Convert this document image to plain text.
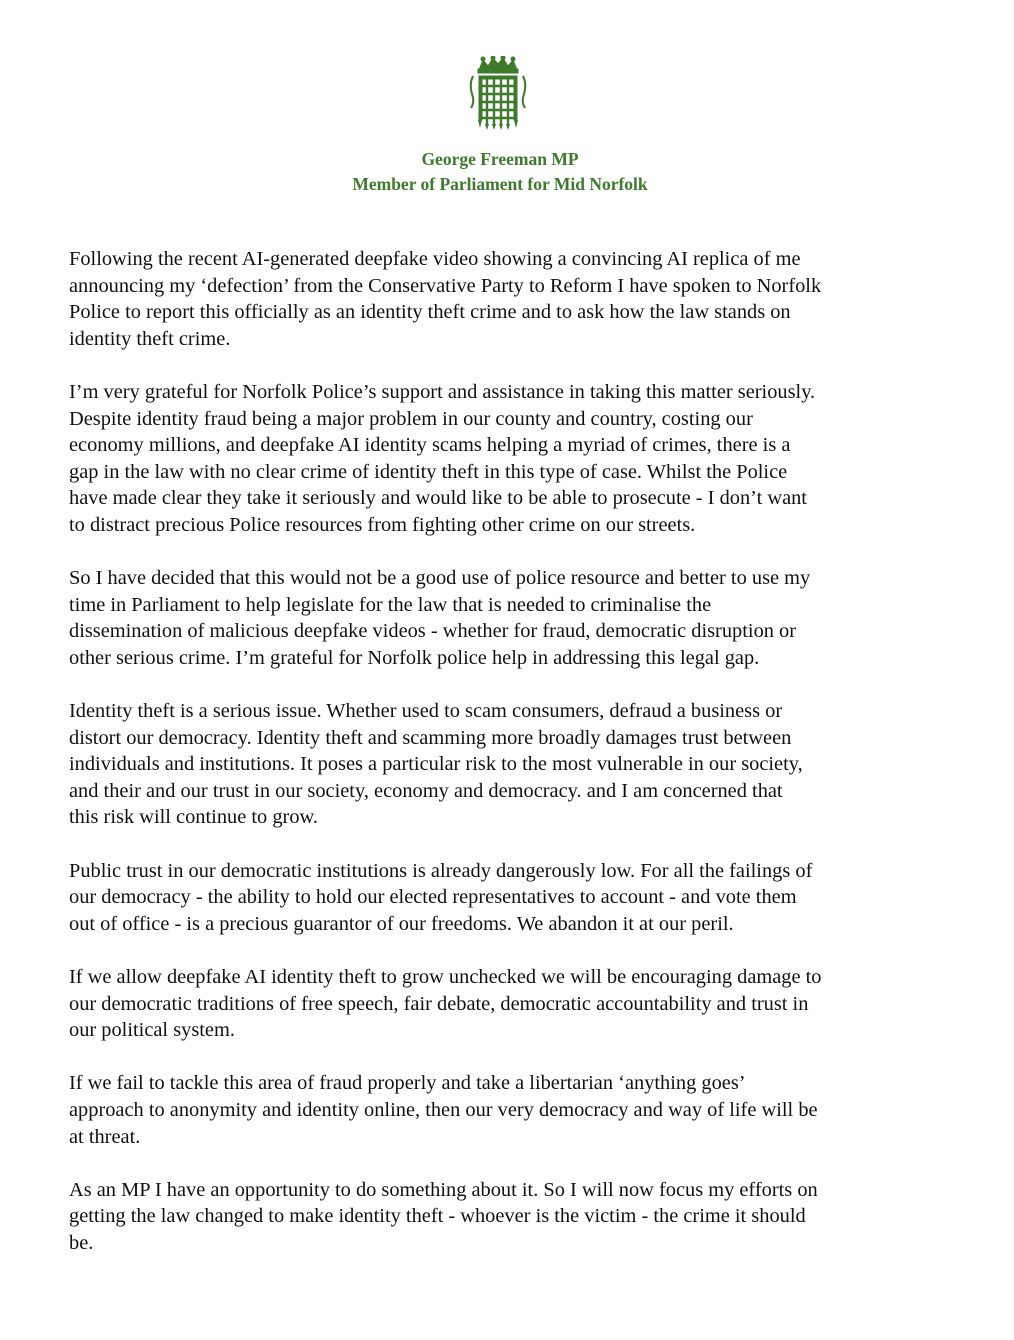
George Freeman MP
Member of Parliament for Mid Norfolk

Following the recent AI-generated deepfake video showing a convincing AI replica of me
announcing my ‘defection’ from the Conservative Party to Reform I have spoken to Norfolk
Police to report this officially as an identity theft crime and to ask how the law stands on
identity theft crime.

I’m very grateful for Norfolk Police’s support and assistance in taking this matter seriously.
Despite identity fraud being a major problem in our county and country, costing our
economy millions, and deepfake AI identity scams helping a myriad of crimes, there is a
gap in the law with no clear crime of identity theft in this type of case. Whilst the Police
have made clear they take it seriously and would like to be able to prosecute - I don’t want
to distract precious Police resources from fighting other crime on our streets.

So I have decided that this would not be a good use of police resource and better to use my
time in Parliament to help legislate for the law that is needed to criminalise the
dissemination of malicious deepfake videos - whether for fraud, democratic disruption or
other serious crime. I’m grateful for Norfolk police help in addressing this legal gap.

Identity theft is a serious issue. Whether used to scam consumers, defraud a business or
distort our democracy. Identity theft and scamming more broadly damages trust between
individuals and institutions. It poses a particular risk to the most vulnerable in our society,
and their and our trust in our society, economy and democracy. and I am concerned that
this risk will continue to grow.

Public trust in our democratic institutions is already dangerously low. For all the failings of
our democracy - the ability to hold our elected representatives to account - and vote them
out of office - is a precious guarantor of our freedoms. We abandon it at our peril.

If we allow deepfake AI identity theft to grow unchecked we will be encouraging damage to
our democratic traditions of free speech, fair debate, democratic accountability and trust in
our political system.

If we fail to tackle this area of fraud properly and take a libertarian ‘anything goes’
approach to anonymity and identity online, then our very democracy and way of life will be
at threat.

As an MP I have an opportunity to do something about it. So I will now focus my efforts on
getting the law changed to make identity theft - whoever is the victim - the crime it should
be.
